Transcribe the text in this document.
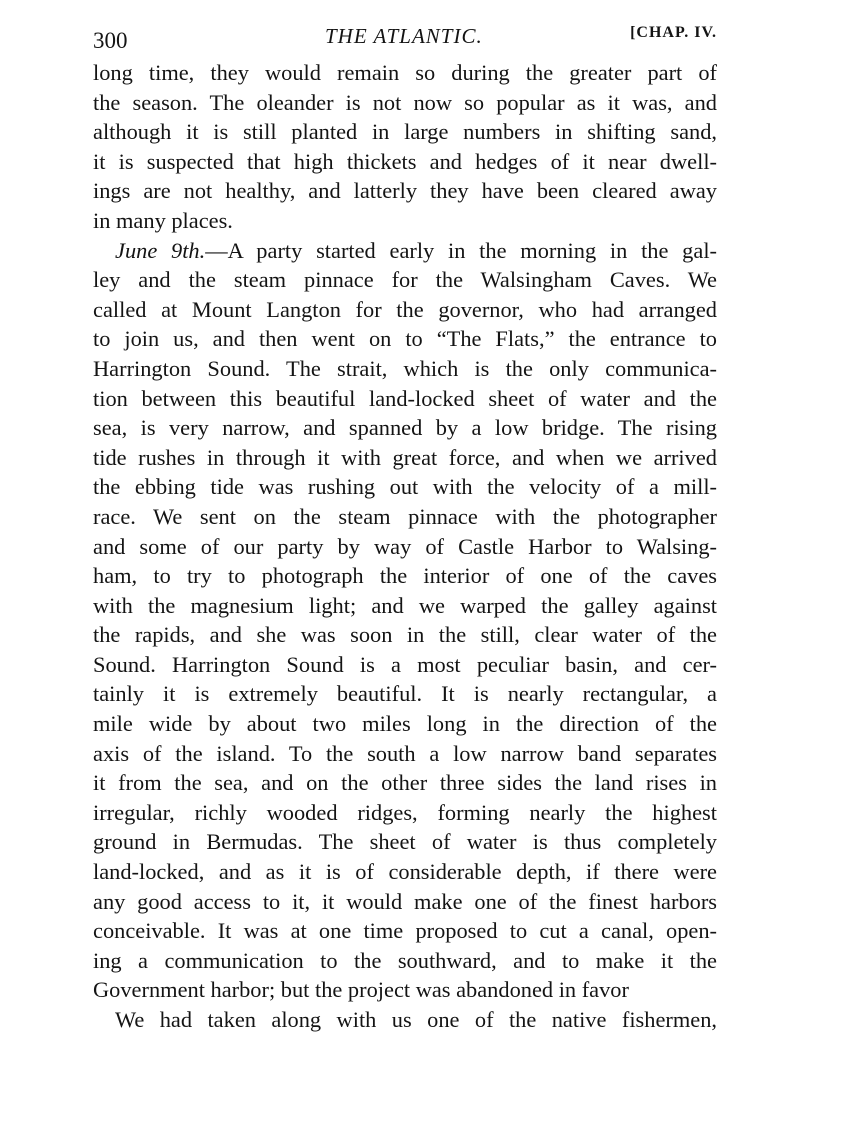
300	THE ATLANTIC.	[CHAP. IV.
long time, they would remain so during the greater part of
the season. The oleander is not now so popular as it was, and
although it is still planted in large numbers in shifting sand,
it is suspected that high thickets and hedges of it near dwell-
ings are not healthy, and latterly they have been cleared away
in many places.
June 9th.—A party started early in the morning in the gal-
ley and the steam pinnace for the Walsingham Caves. We
called at Mount Langton for the governor, who had arranged
to join us, and then went on to “The Flats,” the entrance to
Harrington Sound. The strait, which is the only communica-
tion between this beautiful land-locked sheet of water and the
sea, is very narrow, and spanned by a low bridge. The rising
tide rushes in through it with great force, and when we arrived
the ebbing tide was rushing out with the velocity of a mill-
race. We sent on the steam pinnace with the photographer
and some of our party by way of Castle Harbor to Walsing-
ham, to try to photograph the interior of one of the caves
with the magnesium light; and we warped the galley against
the rapids, and she was soon in the still, clear water of the
Sound. Harrington Sound is a most peculiar basin, and cer-
tainly it is extremely beautiful. It is nearly rectangular, a
mile wide by about two miles long in the direction of the
axis of the island. To the south a low narrow band separates
it from the sea, and on the other three sides the land rises in
irregular, richly wooded ridges, forming nearly the highest
ground in Bermudas. The sheet of water is thus completely
land-locked, and as it is of considerable depth, if there were
any good access to it, it would make one of the finest harbors
conceivable. It was at one time proposed to cut a canal, open-
ing a communication to the southward, and to make it the
Government harbor; but the project was abandoned in favor
We had taken along with us one of the native fishermen,
